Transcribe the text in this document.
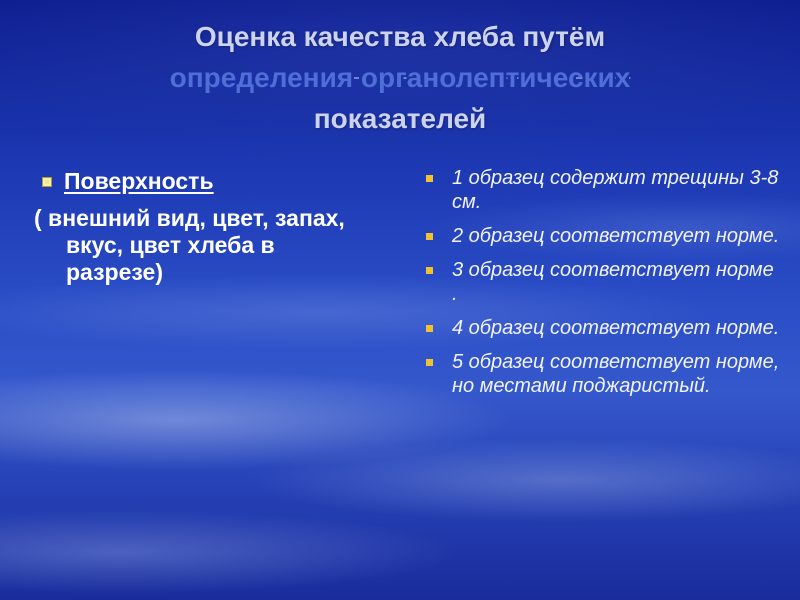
Оценка качества хлеба путём
определения органолептических
показателей
Поверхность
( внешний вид, цвет, запах, вкус, цвет хлеба в разрезе)
1 образец содержит трещины 3-8 см.
2 образец соответствует норме.
3 образец соответствует норме .
4 образец соответствует норме.
5 образец соответствует норме, но местами поджаристый.
